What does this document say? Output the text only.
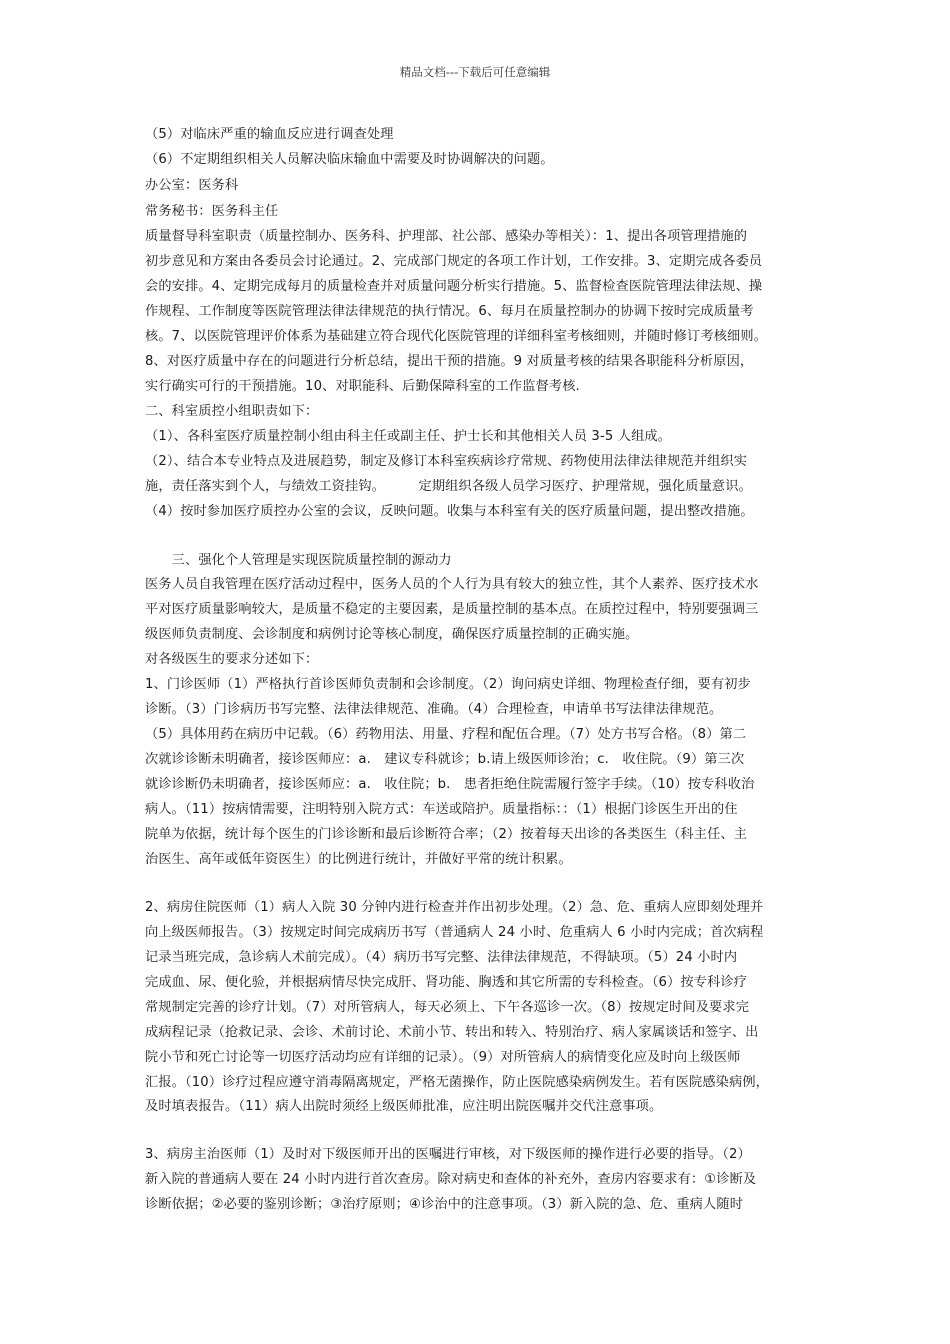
精品文档---下载后可任意编辑
（5）对临床严重的输血反应进行调查处理
（6）不定期组织相关人员解决临床输血中需要及时协调解决的问题。
办公室：医务科
常务秘书：医务科主任
质量督导科室职责（质量控制办、医务科、护理部、社公部、感染办等相关）：1、提出各项管理措施的
初步意见和方案由各委员会讨论通过。2、完成部门规定的各项工作计划，工作安排。3、定期完成各委员
会的安排。4、定期完成每月的质量检查并对质量问题分析实行措施。5、监督检查医院管理法律法规、操
作规程、工作制度等医院管理法律法律规范的执行情况。6、每月在质量控制办的协调下按时完成质量考
核。7、以医院管理评价体系为基础建立符合现代化医院管理的详细科室考核细则，并随时修订考核细则。
8、对医疗质量中存在的问题进行分析总结，提出干预的措施。9 对质量考核的结果各职能科分析原因，
实行确实可行的干预措施。10、对职能科、后勤保障科室的工作监督考核.
二、科室质控小组职责如下：
（1）、各科室医疗质量控制小组由科主任或副主任、护士长和其他相关人员 3-5 人组成。
（2）、结合本专业特点及进展趋势，制定及修订本科室疾病诊疗常规、药物使用法律法律规范并组织实
施，责任落实到个人，与绩效工资挂钩。　　　定期组织各级人员学习医疗、护理常规，强化质量意识。
（4）按时参加医疗质控办公室的会议，反映问题。收集与本科室有关的医疗质量问题，提出整改措施。
　　三、强化个人管理是实现医院质量控制的源动力
医务人员自我管理在医疗活动过程中，医务人员的个人行为具有较大的独立性，其个人素养、医疗技术水
平对医疗质量影响较大，是质量不稳定的主要因素，是质量控制的基本点。在质控过程中，特别要强调三
级医师负责制度、会诊制度和病例讨论等核心制度，确保医疗质量控制的正确实施。
对各级医生的要求分述如下：
1、门诊医师（1）严格执行首诊医师负责制和会诊制度。（2）询问病史详细、物理检查仔细，要有初步
诊断。（3）门诊病历书写完整、法律法律规范、准确。（4）合理检查，申请单书写法律法律规范。
（5）具体用药在病历中记载。（6）药物用法、用量、疗程和配伍合理。（7）处方书写合格。（8）第二
次就诊诊断未明确者，接诊医师应：a.　建议专科就诊；b.请上级医师诊治；c.　收住院。（9）第三次
就诊诊断仍未明确者，接诊医师应：a.　收住院；b.　患者拒绝住院需履行签字手续。（10）按专科收治
病人。（11）按病情需要，注明特别入院方式：车送或陪护。质量指标：：（1）根据门诊医生开出的住
院单为依据，统计每个医生的门诊诊断和最后诊断符合率；（2）按着每天出诊的各类医生（科主任、主
治医生、高年或低年资医生）的比例进行统计，并做好平常的统计积累。
2、病房住院医师（1）病人入院 30 分钟内进行检查并作出初步处理。（2）急、危、重病人应即刻处理并
向上级医师报告。（3）按规定时间完成病历书写（普通病人 24 小时、危重病人 6 小时内完成；首次病程
记录当班完成，急诊病人术前完成）。（4）病历书写完整、法律法律规范，不得缺项。（5）24 小时内
完成血、尿、便化验，并根据病情尽快完成肝、肾功能、胸透和其它所需的专科检查。（6）按专科诊疗
常规制定完善的诊疗计划。（7）对所管病人，每天必须上、下午各巡诊一次。（8）按规定时间及要求完
成病程记录（抢救记录、会诊、术前讨论、术前小节、转出和转入、特别治疗、病人家属谈话和签字、出
院小节和死亡讨论等一切医疗活动均应有详细的记录）。（9）对所管病人的病情变化应及时向上级医师
汇报。（10）诊疗过程应遵守消毒隔离规定，严格无菌操作，防止医院感染病例发生。若有医院感染病例，
及时填表报告。（11）病人出院时须经上级医师批准，应注明出院医嘱并交代注意事项。
3、病房主治医师（1）及时对下级医师开出的医嘱进行审核，对下级医师的操作进行必要的指导。（2）
新入院的普通病人要在 24 小时内进行首次查房。除对病史和查体的补充外，查房内容要求有：①诊断及
诊断依据；②必要的鉴别诊断；③治疗原则；④诊治中的注意事项。（3）新入院的急、危、重病人随时
